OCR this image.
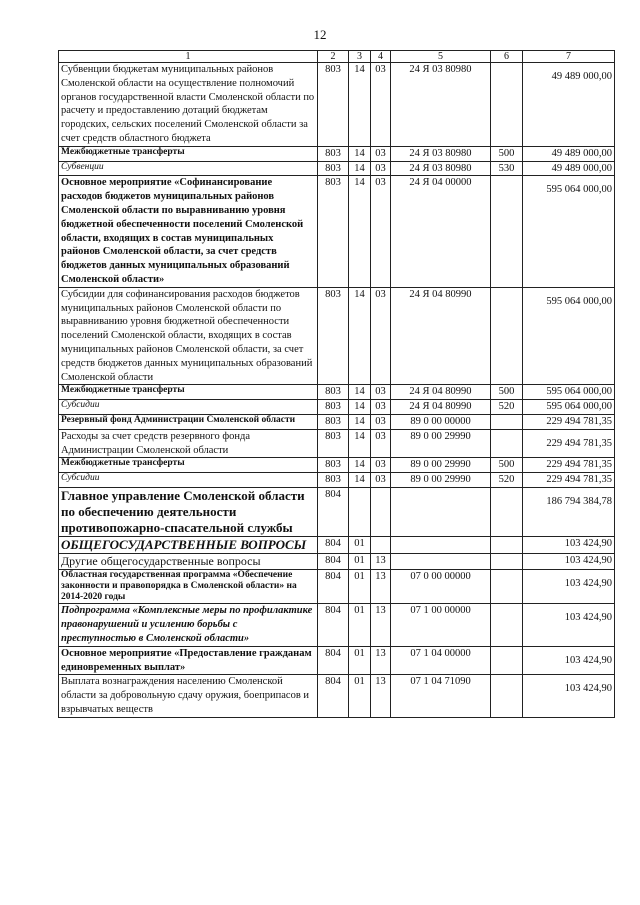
12
1	2	3	4	5	6	7
Субвенции бюджетам муниципальных районов Смоленской области на осуществление полномочий органов государственной власти Смоленской области по расчету и предоставлению дотаций бюджетам городских, сельских поселений Смоленской области за счет средств областного бюджета	803	14	03	24 Я 03 80980		49 489 000,00
Межбюджетные трансферты	803	14	03	24 Я 03 80980	500	49 489 000,00
Субвенции	803	14	03	24 Я 03 80980	530	49 489 000,00
Основное мероприятие «Софинансирование расходов бюджетов муниципальных районов Смоленской области по выравниванию уровня бюджетной обеспеченности поселений Смоленской области, входящих в состав муниципальных районов Смоленской области, за счет средств бюджетов данных муниципальных образований Смоленской области»	803	14	03	24 Я 04 00000		595 064 000,00
Субсидии для софинансирования расходов бюджетов муниципальных районов Смоленской области по выравниванию уровня бюджетной обеспеченности поселений Смоленской области, входящих в состав муниципальных районов Смоленской области, за счет средств бюджетов данных муниципальных образований Смоленской области	803	14	03	24 Я 04 80990		595 064 000,00
Межбюджетные трансферты	803	14	03	24 Я 04 80990	500	595 064 000,00
Субсидии	803	14	03	24 Я 04 80990	520	595 064 000,00
Резервный фонд Администрации Смоленской области	803	14	03	89 0 00 00000		229 494 781,35
Расходы за счет средств резервного фонда Администрации Смоленской области	803	14	03	89 0 00 29990		229 494 781,35
Межбюджетные трансферты	803	14	03	89 0 00 29990	500	229 494 781,35
Субсидии	803	14	03	89 0 00 29990	520	229 494 781,35
Главное управление Смоленской области по обеспечению деятельности противопожарно-спасательной службы	804					186 794 384,78
ОБЩЕГОСУДАРСТВЕННЫЕ ВОПРОСЫ	804	01				103 424,90
Другие общегосударственные вопросы	804	01	13			103 424,90
Областная государственная программа «Обеспечение законности и правопорядка в Смоленской области» на 2014-2020 годы	804	01	13	07 0 00 00000		103 424,90
Подпрограмма «Комплексные меры по профилактике правонарушений и усилению борьбы с преступностью в Смоленской области»	804	01	13	07 1 00 00000		103 424,90
Основное мероприятие «Предоставление гражданам единовременных выплат»	804	01	13	07 1 04 00000		103 424,90
Выплата вознаграждения населению Смоленской области за добровольную сдачу оружия, боеприпасов и взрывчатых веществ	804	01	13	07 1 04 71090		103 424,90
